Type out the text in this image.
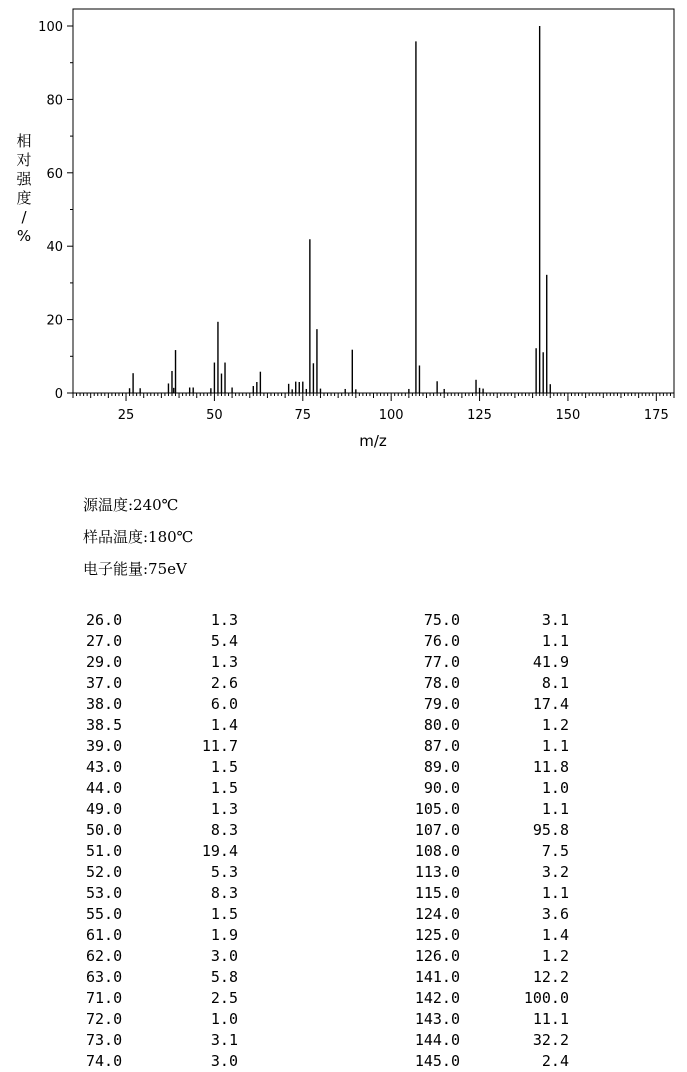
0
20
40
60
80
100
25	50	75	100	125	150	175
m/z
相
对
强
度
/
%
源温度:240℃
样品温度:180℃
电子能量:75eV
26.0	1.3	75.0	3.1
27.0	5.4	76.0	1.1
29.0	1.3	77.0	41.9
37.0	2.6	78.0	8.1
38.0	6.0	79.0	17.4
38.5	1.4	80.0	1.2
39.0	11.7	87.0	1.1
43.0	1.5	89.0	11.8
44.0	1.5	90.0	1.0
49.0	1.3	105.0	1.1
50.0	8.3	107.0	95.8
51.0	19.4	108.0	7.5
52.0	5.3	113.0	3.2
53.0	8.3	115.0	1.1
55.0	1.5	124.0	3.6
61.0	1.9	125.0	1.4
62.0	3.0	126.0	1.2
63.0	5.8	141.0	12.2
71.0	2.5	142.0	100.0
72.0	1.0	143.0	11.1
73.0	3.1	144.0	32.2
74.0	3.0	145.0	2.4
